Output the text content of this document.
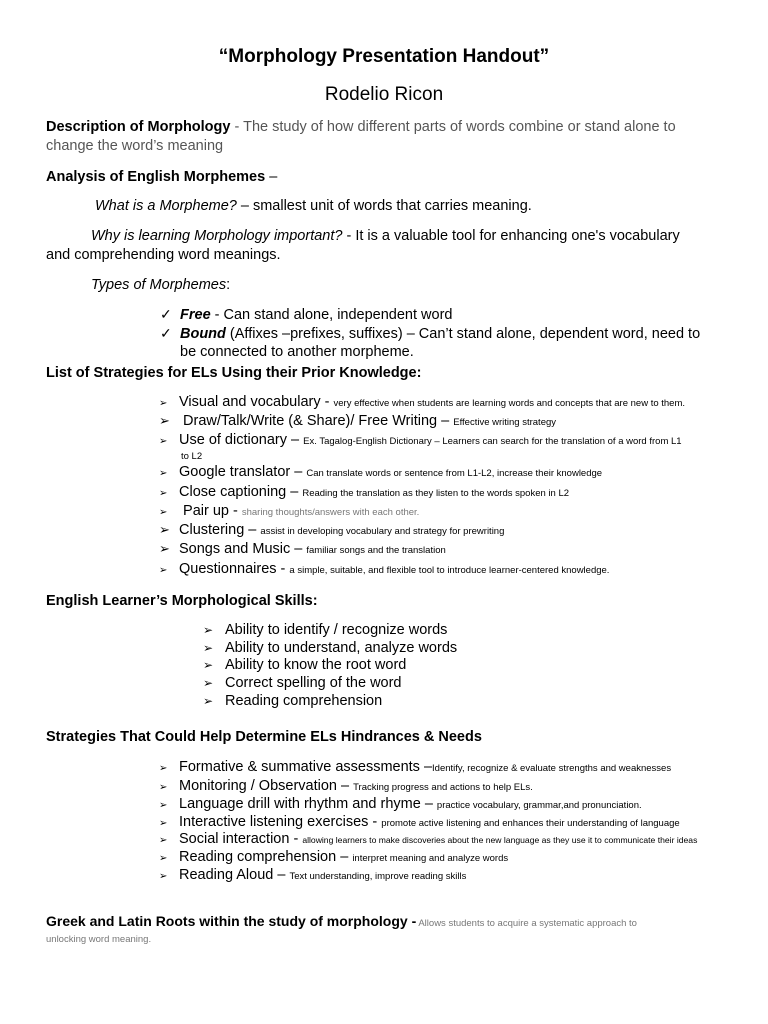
“Morphology Presentation Handout”
Rodelio Ricon
Description of Morphology - The study of how different parts of words combine or stand alone to
change the word’s meaning
Analysis of English Morphemes –
What is a Morpheme? – smallest unit of words that carries meaning.
Why is learning Morphology important? - It is a valuable tool for enhancing one's vocabulary
and comprehending word meanings.
Types of Morphemes:
✓ Free - Can stand alone, independent word
✓ Bound (Affixes –prefixes, suffixes) – Can’t stand alone, dependent word, need to
be connected to another morpheme.
List of Strategies for ELs Using their Prior Knowledge:
➢ Visual and vocabulary - very effective when students are learning words and concepts that are new to them.
➢ Draw/Talk/Write (& Share)/ Free Writing – Effective writing strategy
➢ Use of dictionary – Ex. Tagalog-English Dictionary – Learners can search for the translation of a word from L1
to L2
➢ Google translator – Can translate words or sentence from L1-L2, increase their knowledge
➢ Close captioning – Reading the translation as they listen to the words spoken in L2
➢ Pair up - sharing thoughts/answers with each other.
➢ Clustering – assist in developing vocabulary and strategy for prewriting
➢ Songs and Music – familiar songs and the translation
➢ Questionnaires - a simple, suitable, and flexible tool to introduce learner-centered knowledge.
English Learner’s Morphological Skills:
➢ Ability to identify / recognize words
➢ Ability to understand, analyze words
➢ Ability to know the root word
➢ Correct spelling of the word
➢ Reading comprehension
Strategies That Could Help Determine ELs Hindrances & Needs
➢ Formative & summative assessments –Identify, recognize & evaluate strengths and weaknesses
➢ Monitoring / Observation – Tracking progress and actions to help ELs.
➢ Language drill with rhythm and rhyme – practice vocabulary, grammar,and pronunciation.
➢ Interactive listening exercises - promote active listening and enhances their understanding of language
➢ Social interaction - allowing learners to make discoveries about the new language as they use it to communicate their ideas
➢ Reading comprehension – interpret meaning and analyze words
➢ Reading Aloud – Text understanding, improve reading skills
Greek and Latin Roots within the study of morphology - Allows students to acquire a systematic approach to
$^{unlocking word meaning.}$
